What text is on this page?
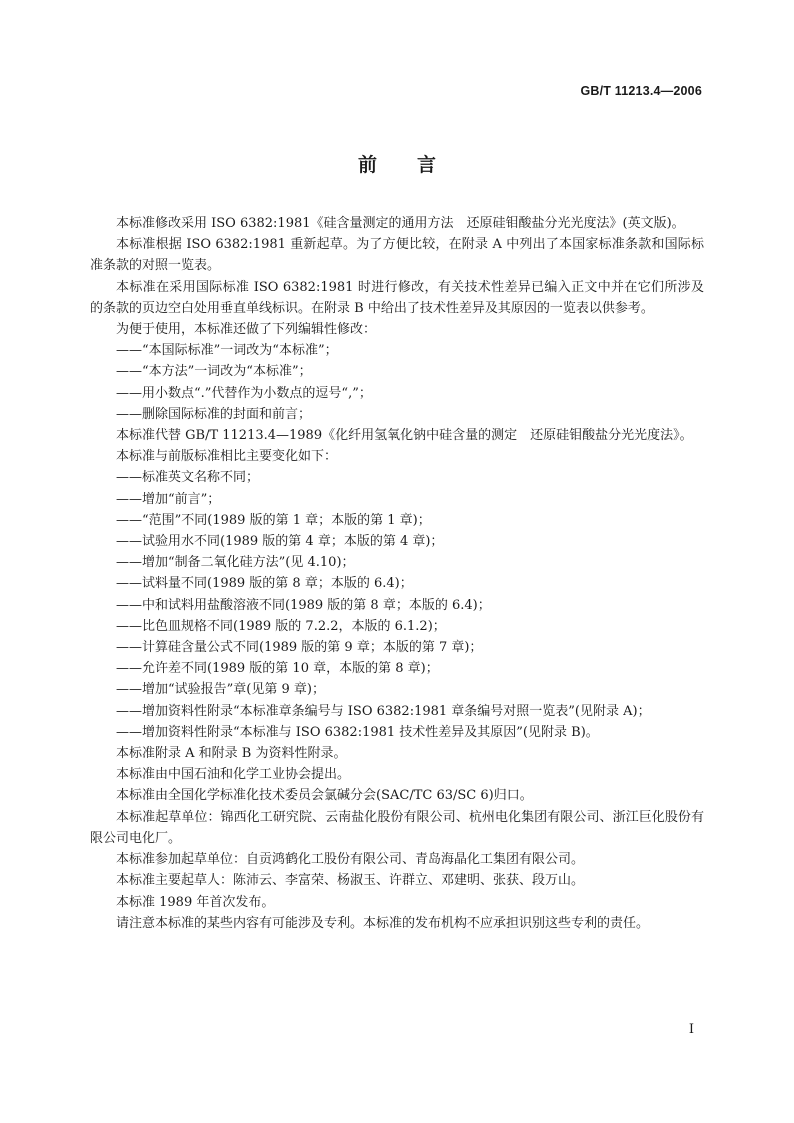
GB/T 11213.4—2006
前言

本标准修改采用 ISO 6382:1981《硅含量测定的通用方法　还原硅钼酸盐分光光度法》(英文版)。

本标准根据 ISO 6382:1981 重新起草。为了方便比较，在附录 A 中列出了本国家标准条款和国际标准条款的对照一览表。

本标准在采用国际标准 ISO 6382:1981 时进行修改，有关技术性差异已编入正文中并在它们所涉及的条款的页边空白处用垂直单线标识。在附录 B 中给出了技术性差异及其原因的一览表以供参考。

为便于使用，本标准还做了下列编辑性修改：

——“本国际标准”一词改为“本标准”；

——“本方法”一词改为“本标准”；

——用小数点“.”代替作为小数点的逗号“,”；

——删除国际标准的封面和前言；

本标准代替 GB/T 11213.4—1989《化纤用氢氧化钠中硅含量的测定　还原硅钼酸盐分光光度法》。

本标准与前版标准相比主要变化如下：

——标准英文名称不同；

——增加“前言”；

——“范围”不同(1989 版的第 1 章；本版的第 1 章)；

——试验用水不同(1989 版的第 4 章；本版的第 4 章)；

——增加“制备二氧化硅方法”(见 4.10)；

——试料量不同(1989 版的第 8 章；本版的 6.4)；

——中和试料用盐酸溶液不同(1989 版的第 8 章；本版的 6.4)；

——比色皿规格不同(1989 版的 7.2.2，本版的 6.1.2)；

——计算硅含量公式不同(1989 版的第 9 章；本版的第 7 章)；

——允许差不同(1989 版的第 10 章，本版的第 8 章)；

——增加“试验报告”章(见第 9 章)；

——增加资料性附录“本标准章条编号与 ISO 6382:1981 章条编号对照一览表”(见附录 A)；

——增加资料性附录“本标准与 ISO 6382:1981 技术性差异及其原因”(见附录 B)。

本标准附录 A 和附录 B 为资料性附录。

本标准由中国石油和化学工业协会提出。

本标准由全国化学标准化技术委员会氯碱分会(SAC/TC 63/SC 6)归口。

本标准起草单位：锦西化工研究院、云南盐化股份有限公司、杭州电化集团有限公司、浙江巨化股份有限公司电化厂。

本标准参加起草单位：自贡鸿鹤化工股份有限公司、青岛海晶化工集团有限公司。

本标准主要起草人：陈沛云、李富荣、杨淑玉、许群立、邓建明、张获、段万山。

本标准 1989 年首次发布。

请注意本标准的某些内容有可能涉及专利。本标准的发布机构不应承担识别这些专利的责任。

I
